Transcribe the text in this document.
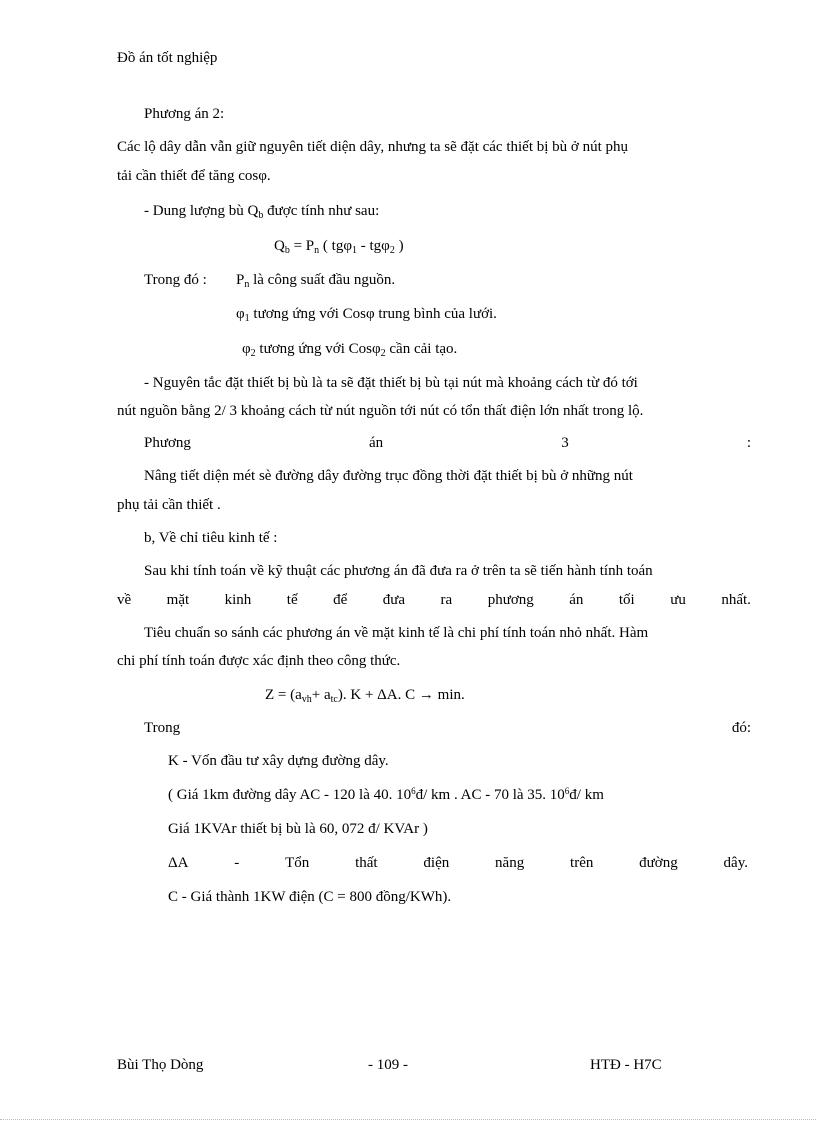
Đồ án tốt nghiệp
Phương án 2:
Các lộ dây dẫn vẫn giữ nguyên tiết diện dây, nhưng ta sẽ đặt các thiết bị bù ở nút phụ
tải cần thiết để tăng cosφ.
- Dung lượng bù $Q_b$ được tính như sau:
$Q_b = P_n$ ( tgφ$_1$ - tgφ$_2$ )
Trong đó : $P_n$ là công suất đầu nguồn.
$\varphi_1$ tương ứng với Cosφ trung bình của lưới.
$\varphi_2$ tương ứng với Cosφ$_2$ cần cải tạo.
- Nguyên tắc đặt thiết bị bù là ta sẽ đặt thiết bị bù tại nút mà khoảng cách từ đó tới
nút nguồn bằng 2/ 3 khoảng cách từ nút nguồn tới nút có tổn thất điện lớn nhất trong lộ.
Phương	án	3	:
Nâng tiết diện mét sè đường dây đường trục đồng thời đặt thiết bị bù ở những nút
phụ tải cần thiết .
b, Về chỉ tiêu kinh tế :
Sau khi tính toán về kỹ thuật các phương án đã đưa ra ở trên ta sẽ tiến hành tính toán
về mặt kinh tế để đưa ra phương án tối ưu nhất.
Tiêu chuẩn so sánh các phương án về mặt kinh tế là chi phí tính toán nhỏ nhất. Hàm
chi phí tính toán được xác định theo công thức.
$Z = (a_{vh}+ a_{tc})$. K + ΔA. C → min.
Trong	đó:
K - Vốn đầu tư xây dựng đường dây.
( Giá 1km đường dây AC - 120 là 40. $10^6đ/$ km . AC - 70 là 35. $10^6đ/$ km
Giá 1KVAr thiết bị bù là 60, 072 đ/ KVAr )
ΔA	-	Tổn	thất	điện	năng	trên	đường	dây.
C - Giá thành 1KW điện (C = 800 đồng/KWh).
Bùi Thọ Dòng	- 109 -	HTĐ - H7C
